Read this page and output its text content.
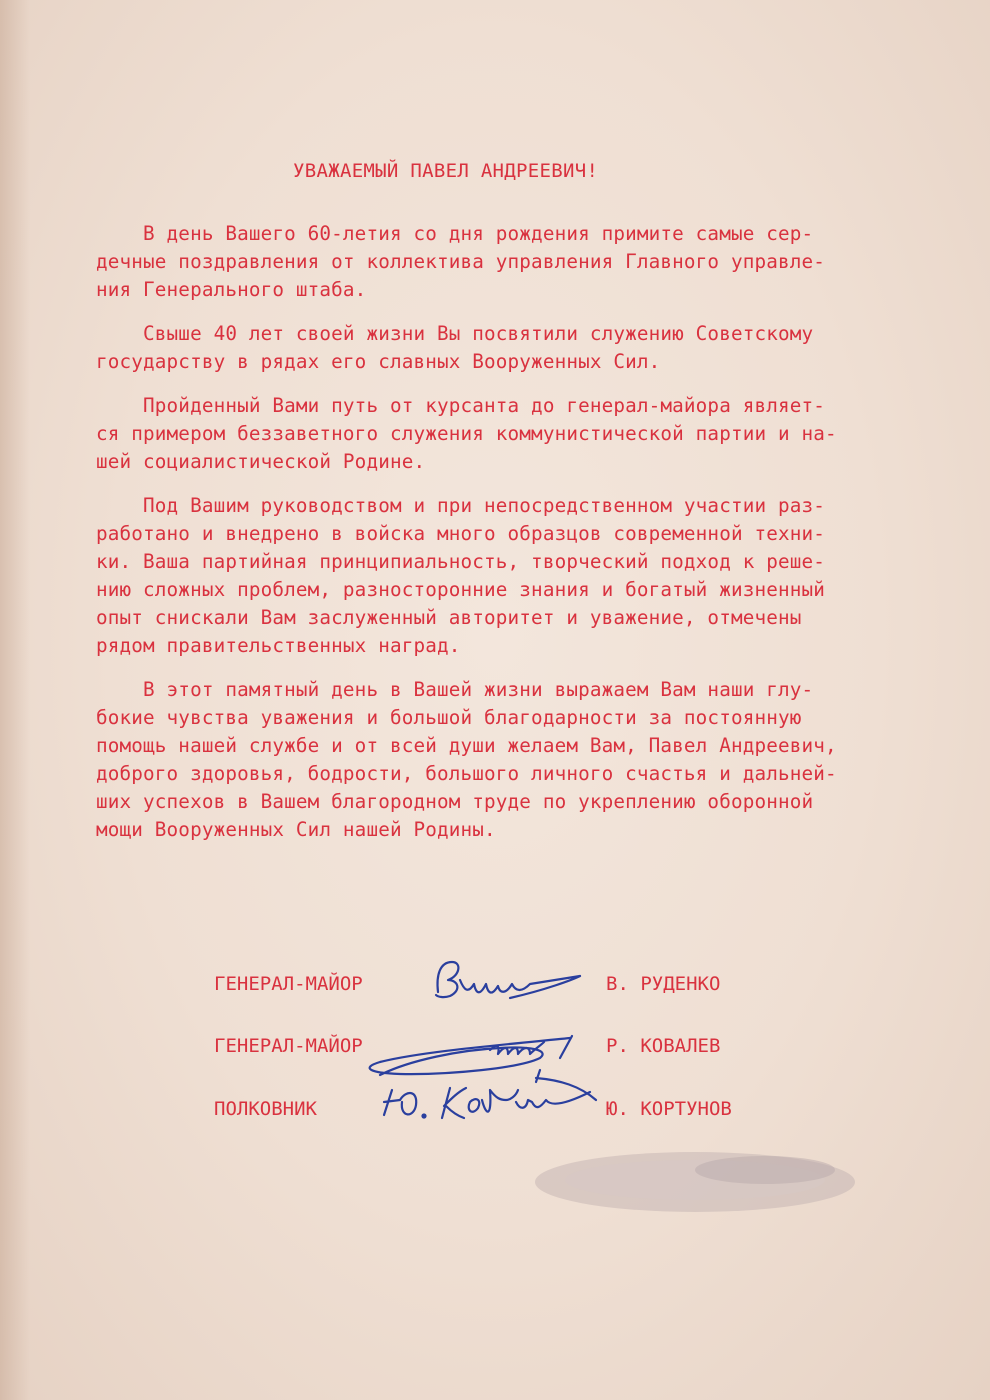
УВАЖАЕМЫЙ ПАВЕЛ АНДРЕЕВИЧ!
В день Вашего 60-летия со дня рождения примите самые сер-
дечные поздравления от коллектива управления Главного управле-
ния Генерального штаба.
Свыше 40 лет своей жизни Вы посвятили служению Советскому
государству в рядах его славных Вооруженных Сил.
Пройденный Вами путь от курсанта до генерал-майора являет-
ся примером беззаветного служения коммунистической партии и на-
шей социалистической Родине.
Под Вашим руководством и при непосредственном участии раз-
работано и внедрено в войска много образцов современной техни-
ки. Ваша партийная принципиальность, творческий подход к реше-
нию сложных проблем, разносторонние знания и богатый жизненный
опыт снискали Вам заслуженный авторитет и уважение, отмечены
рядом правительственных наград.
В этот памятный день в Вашей жизни выражаем Вам наши глу-
бокие чувства уважения и большой благодарности за постоянную
помощь нашей службе и от всей души желаем Вам, Павел Андреевич,
доброго здоровья, бодрости, большого личного счастья и дальней-
ших успехов в Вашем благородном труде по укреплению оборонной
мощи Вооруженных Сил нашей Родины.
ГЕНЕРАЛ-МАЙОР	В. РУДЕНКО
ГЕНЕРАЛ-МАЙОР	Р. КОВАЛЕВ
ПОЛКОВНИК	Ю. КОРТУНОВ
